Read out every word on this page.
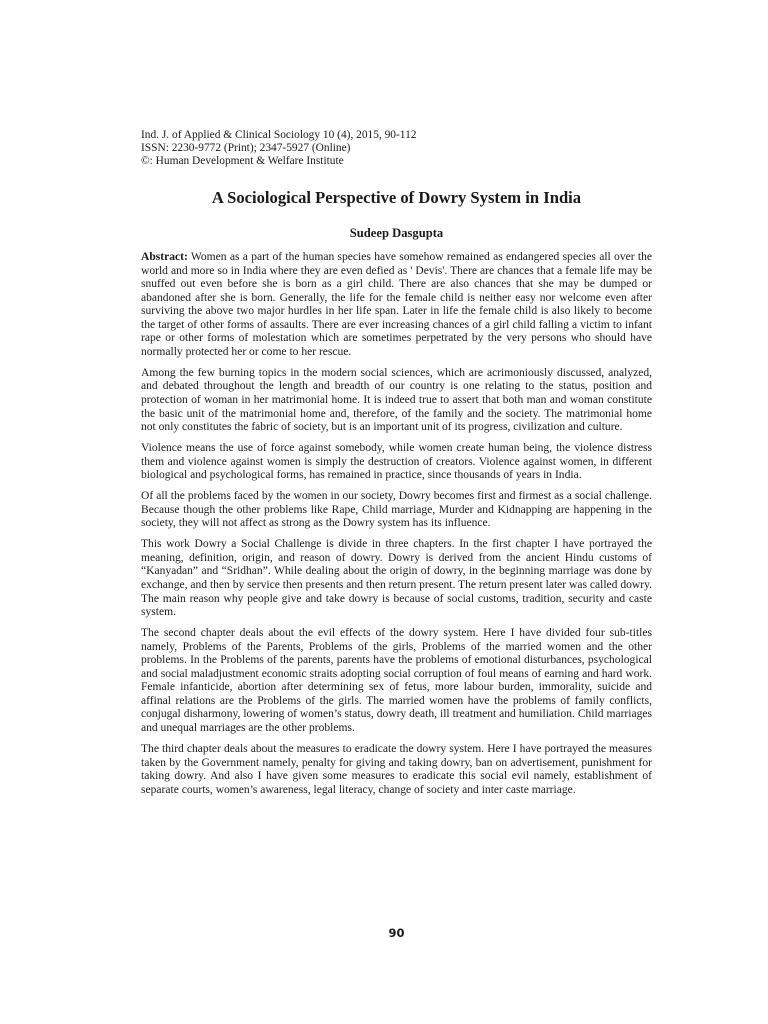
Ind. J. of Applied & Clinical Sociology 10 (4), 2015, 90-112
ISSN: 2230-9772 (Print); 2347-5927 (Online)
©: Human Development & Welfare Institute
A Sociological Perspective of Dowry System in India
Sudeep Dasgupta

Abstract: Women as a part of the human species have somehow remained as endangered species all over the world and more so in India where they are even defied as ' Devis'. There are chances that a female life may be snuffed out even before she is born as a girl child. There are also chances that she may be dumped or abandoned after she is born. Generally, the life for the female child is neither easy nor welcome even after surviving the above two major hurdles in her life span. Later in life the female child is also likely to become the target of other forms of assaults. There are ever increasing chances of a girl child falling a victim to infant rape or other forms of molestation which are sometimes perpetrated by the very persons who should have normally protected her or come to her rescue.

Among the few burning topics in the modern social sciences, which are acrimoniously discussed, analyzed, and debated throughout the length and breadth of our country is one relating to the status, position and protection of woman in her matrimonial home. It is indeed true to assert that both man and woman constitute the basic unit of the matrimonial home and, therefore, of the family and the society. The matrimonial home not only constitutes the fabric of society, but is an important unit of its progress, civilization and culture.

Violence means the use of force against somebody, while women create human being, the violence distress them and violence against women is simply the destruction of creators. Violence against women, in different biological and psychological forms, has remained in practice, since thousands of years in India.

Of all the problems faced by the women in our society, Dowry becomes first and firmest as a social challenge. Because though the other problems like Rape, Child marriage, Murder and Kidnapping are happening in the society, they will not affect as strong as the Dowry system has its influence.

This work Dowry a Social Challenge is divide in three chapters. In the first chapter I have portrayed the meaning, definition, origin, and reason of dowry. Dowry is derived from the ancient Hindu customs of “Kanyadan” and “Sridhan”. While dealing about the origin of dowry, in the beginning marriage was done by exchange, and then by service then presents and then return present. The return present later was called dowry. The main reason why people give and take dowry is because of social customs, tradition, security and caste system.

The second chapter deals about the evil effects of the dowry system. Here I have divided four sub-titles namely, Problems of the Parents, Problems of the girls, Problems of the married women and the other problems. In the Problems of the parents, parents have the problems of emotional disturbances, psychological and social maladjustment economic straits adopting social corruption of foul means of earning and hard work. Female infanticide, abortion after determining sex of fetus, more labour burden, immorality, suicide and affinal relations are the Problems of the girls. The married women have the problems of family conflicts, conjugal disharmony, lowering of women’s status, dowry death, ill treatment and humiliation. Child marriages and unequal marriages are the other problems.

The third chapter deals about the measures to eradicate the dowry system. Here I have portrayed the measures taken by the Government namely, penalty for giving and taking dowry, ban on advertisement, punishment for taking dowry. And also I have given some measures to eradicate this social evil namely, establishment of separate courts, women’s awareness, legal literacy, change of society and inter caste marriage.

90
